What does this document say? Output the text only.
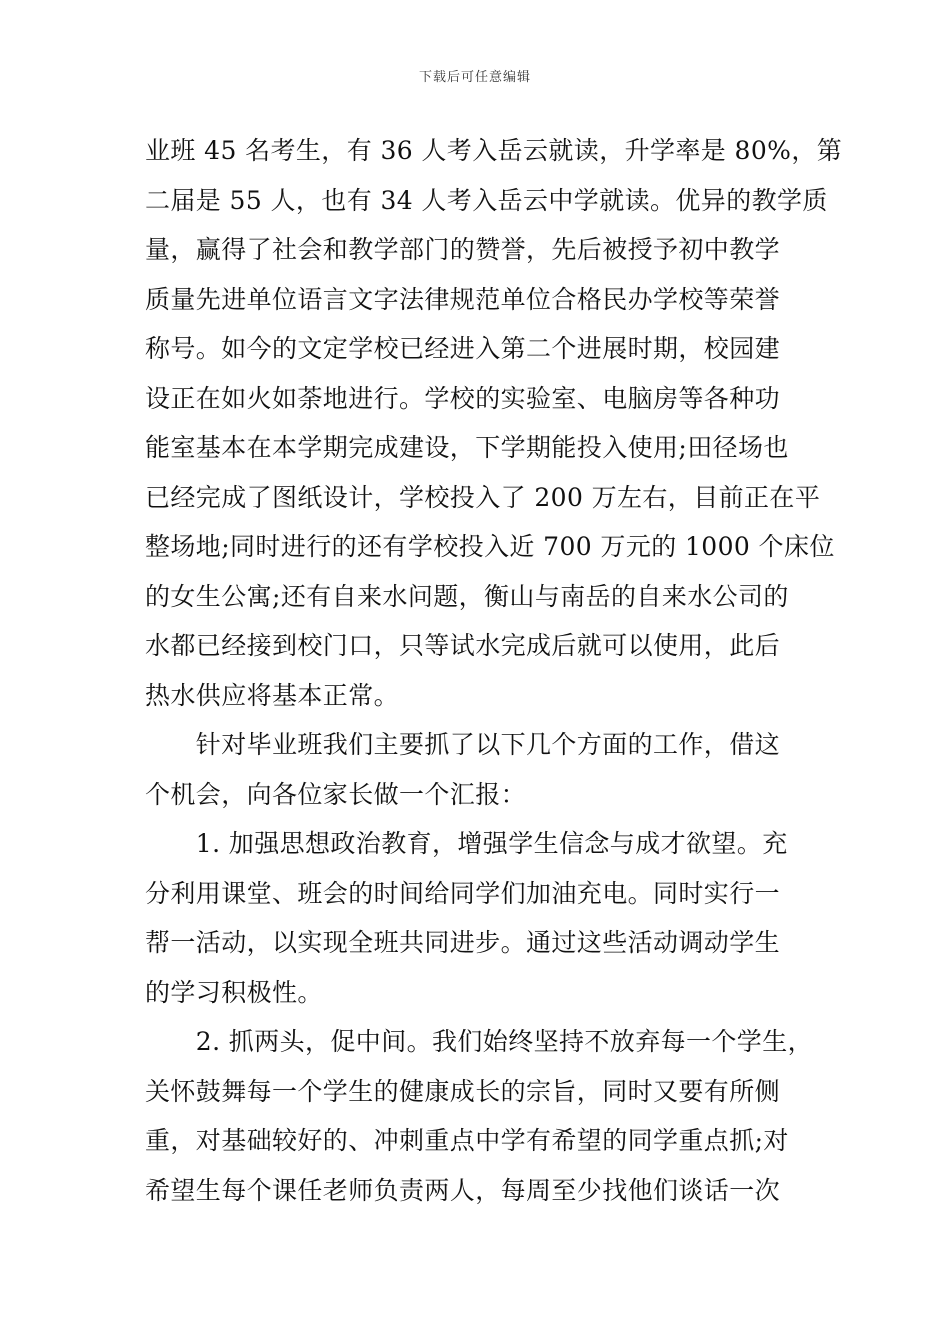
下载后可任意编辑
业班 45 名考生，有 36 人考入岳云就读，升学率是 80%，第
二届是 55 人，也有 34 人考入岳云中学就读。优异的教学质
量，赢得了社会和教学部门的赞誉，先后被授予初中教学
质量先进单位语言文字法律规范单位合格民办学校等荣誉
称号。如今的文定学校已经进入第二个进展时期，校园建
设正在如火如荼地进行。学校的实验室、电脑房等各种功
能室基本在本学期完成建设，下学期能投入使用;田径场也
已经完成了图纸设计，学校投入了 200 万左右，目前正在平
整场地;同时进行的还有学校投入近 700 万元的 1000 个床位
的女生公寓;还有自来水问题，衡山与南岳的自来水公司的
水都已经接到校门口，只等试水完成后就可以使用，此后
热水供应将基本正常。
　　针对毕业班我们主要抓了以下几个方面的工作，借这
个机会，向各位家长做一个汇报：
　　1. 加强思想政治教育，增强学生信念与成才欲望。充
分利用课堂、班会的时间给同学们加油充电。同时实行一
帮一活动，以实现全班共同进步。通过这些活动调动学生
的学习积极性。
　　2. 抓两头，促中间。我们始终坚持不放弃每一个学生，
关怀鼓舞每一个学生的健康成长的宗旨，同时又要有所侧
重，对基础较好的、冲刺重点中学有希望的同学重点抓;对
希望生每个课任老师负责两人，每周至少找他们谈话一次
